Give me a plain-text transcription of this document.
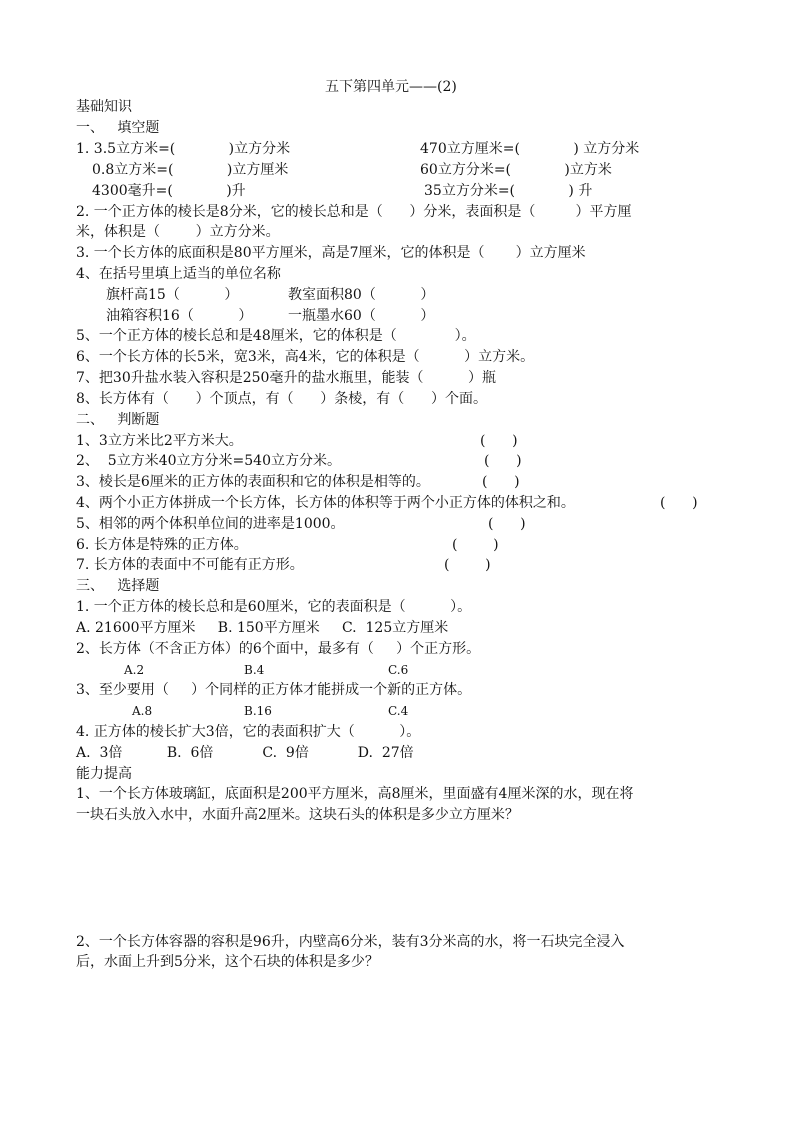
五下第四单元——(2)
基础知识
一、   填空题
1. 3.5立方米=(            )立方分米	470立方厘米=(            ) 立方分米
0.8立方米=(            )立方厘米	60立方分米=(            )立方米
4300毫升=(            )升	35立方分米=(            ) 升
2. 一个正方体的棱长是8分米，它的棱长总和是（      ）分米，表面积是（         ）平方厘
米，体积是（        ）立方分米。
3. 一个长方体的底面积是80平方厘米，高是7厘米，它的体积是（       ）立方厘米
4、在括号里填上适当的单位名称
旗杆高15（          ）	教室面积80（          ）
油箱容积16（          ）	一瓶墨水60（          ）
5、一个正方体的棱长总和是48厘米，它的体积是（             ）。
6、一个长方体的长5米，宽3米，高4米，它的体积是（          ）立方米。
7、把30升盐水装入容积是250毫升的盐水瓶里，能装（          ）瓶
8、长方体有（      ）个顶点，有（      ）条棱，有（      ）个面。
二、   判断题
1、3立方米比2平方米大。	(      )
2、  5立方米40立方分米=540立方分米。	(      )
3、棱长是6厘米的正方体的表面积和它的体积是相等的。	(      )
4、两个小正方体拼成一个长方体，长方体的体积等于两个小正方体的体积之和。	(      )
5、相邻的两个体积单位间的进率是1000。	(      )
6. 长方体是特殊的正方体。	(        )
7. 长方体的表面中不可能有正方形。	(        )
三、   选择题
1. 一个正方体的棱长总和是60厘米，它的表面积是（          ）。
A. 21600平方厘米     B. 150平方厘米     C.  125立方厘米
2、长方体（不含正方体）的6个面中，最多有（     ）个正方形。
A.2	B.4	C.6
3、至少要用（     ）个同样的正方体才能拼成一个新的正方体。
A.8	B.16	C.4
4. 正方体的棱长扩大3倍，它的表面积扩大（          ）。
A.  3倍          B.  6倍           C.  9倍           D.  27倍
能力提高
1、一个长方体玻璃缸，底面积是200平方厘米，高8厘米，里面盛有4厘米深的水，现在将
一块石头放入水中，水面升高2厘米。这块石头的体积是多少立方厘米？
2、一个长方体容器的容积是96升，内壁高6分米，装有3分米高的水，将一石块完全浸入
后，水面上升到5分米，这个石块的体积是多少？
